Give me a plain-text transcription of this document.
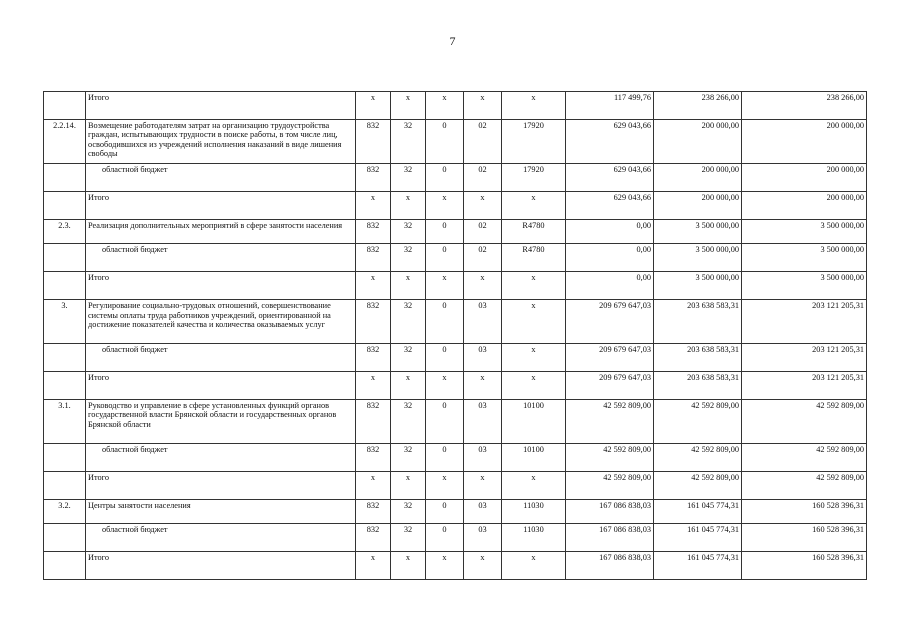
7
	Итого	х	х	х	х	х	117 499,76	238 266,00	238 266,00
2.2.14.	Возмещение работодателям затрат на организацию трудоустройства граждан, испытывающих трудности в поиске работы, в том числе лиц, освободившихся из учреждений исполнения наказаний в виде лишения свободы	832	32	0	02	17920	629 043,66	200 000,00	200 000,00
	областной бюджет	832	32	0	02	17920	629 043,66	200 000,00	200 000,00
	Итого	х	х	х	х	х	629 043,66	200 000,00	200 000,00
2.3.	Реализация дополнительных мероприятий в сфере занятости населения	832	32	0	02	R4780	0,00	3 500 000,00	3 500 000,00
	областной бюджет	832	32	0	02	R4780	0,00	3 500 000,00	3 500 000,00
	Итого	х	х	х	х	х	0,00	3 500 000,00	3 500 000,00
3.	Регулирование социально-трудовых отношений, совершенствование системы оплаты труда работников учреждений, ориентированной на достижение показателей качества и количества оказываемых услуг	832	32	0	03	х	209 679 647,03	203 638 583,31	203 121 205,31
	областной бюджет	832	32	0	03	х	209 679 647,03	203 638 583,31	203 121 205,31
	Итого	х	х	х	х	х	209 679 647,03	203 638 583,31	203 121 205,31
3.1.	Руководство и управление в сфере установленных функций органов государственной власти Брянской области и государственных органов Брянской области	832	32	0	03	10100	42 592 809,00	42 592 809,00	42 592 809,00
	областной бюджет	832	32	0	03	10100	42 592 809,00	42 592 809,00	42 592 809,00
	Итого	х	х	х	х	х	42 592 809,00	42 592 809,00	42 592 809,00
3.2.	Центры занятости населения	832	32	0	03	11030	167 086 838,03	161 045 774,31	160 528 396,31
	областной бюджет	832	32	0	03	11030	167 086 838,03	161 045 774,31	160 528 396,31
	Итого	х	х	х	х	х	167 086 838,03	161 045 774,31	160 528 396,31
